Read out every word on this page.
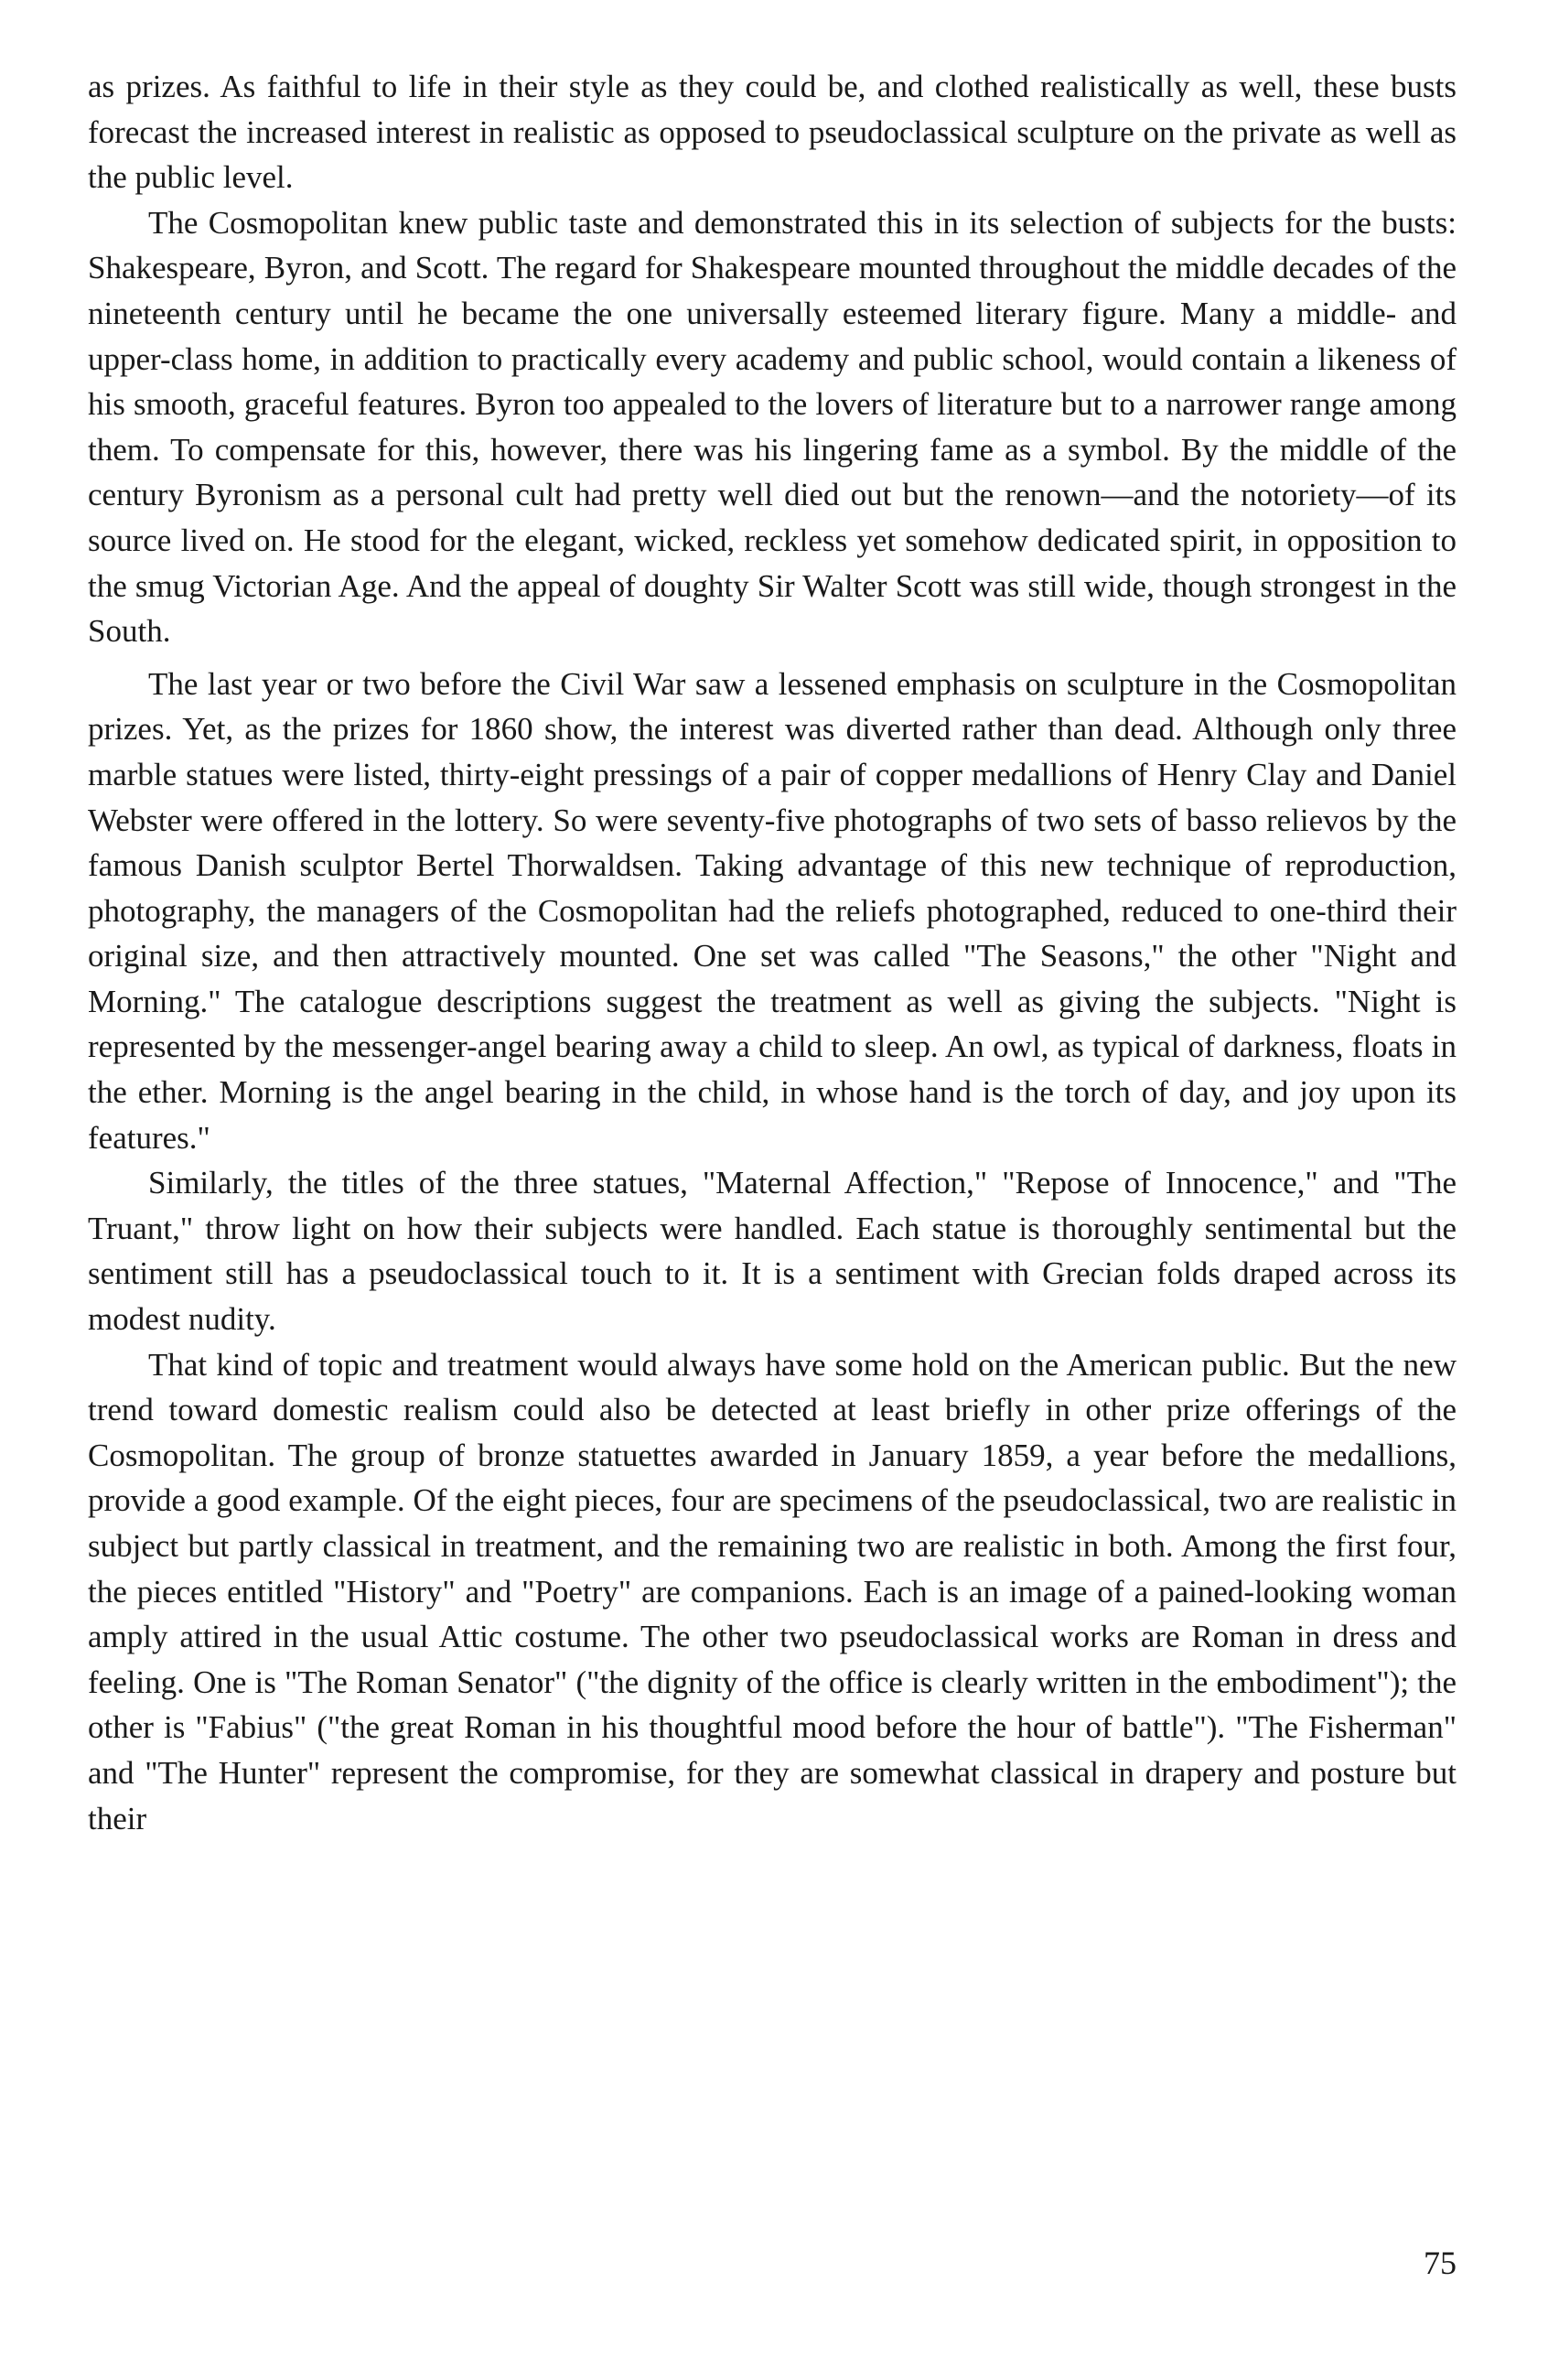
as prizes. As faithful to life in their style as they could be, and clothed realistically as well, these busts forecast the increased interest in realistic as opposed to pseudoclassical sculpture on the private as well as the public level.

The Cosmopolitan knew public taste and demonstrated this in its selection of subjects for the busts: Shakespeare, Byron, and Scott. The regard for Shakespeare mounted throughout the middle decades of the nineteenth century until he became the one universally esteemed literary figure. Many a middle- and upper-class home, in addition to practically every academy and public school, would contain a likeness of his smooth, graceful features. Byron too appealed to the lovers of literature but to a narrower range among them. To compensate for this, however, there was his lingering fame as a symbol. By the middle of the century Byronism as a personal cult had pretty well died out but the renown—and the notoriety—of its source lived on. He stood for the elegant, wicked, reckless yet somehow dedicated spirit, in opposition to the smug Victorian Age. And the appeal of doughty Sir Walter Scott was still wide, though strongest in the South.

The last year or two before the Civil War saw a lessened emphasis on sculpture in the Cosmopolitan prizes. Yet, as the prizes for 1860 show, the interest was diverted rather than dead. Although only three marble statues were listed, thirty-eight pressings of a pair of copper medallions of Henry Clay and Daniel Webster were offered in the lottery. So were seventy-five photographs of two sets of basso relievos by the famous Danish sculptor Bertel Thorwaldsen. Taking advantage of this new technique of reproduction, photography, the managers of the Cosmopolitan had the reliefs photographed, reduced to one-third their original size, and then attractively mounted. One set was called "The Seasons," the other "Night and Morning." The catalogue descriptions suggest the treatment as well as giving the subjects. "Night is represented by the messenger-angel bearing away a child to sleep. An owl, as typical of darkness, floats in the ether. Morning is the angel bearing in the child, in whose hand is the torch of day, and joy upon its features."

Similarly, the titles of the three statues, "Maternal Affection," "Repose of Innocence," and "The Truant," throw light on how their subjects were handled. Each statue is thoroughly sentimental but the sentiment still has a pseudoclassical touch to it. It is a sentiment with Grecian folds draped across its modest nudity.

That kind of topic and treatment would always have some hold on the American public. But the new trend toward domestic realism could also be detected at least briefly in other prize offerings of the Cosmopolitan. The group of bronze statuettes awarded in January 1859, a year before the medallions, provide a good example. Of the eight pieces, four are specimens of the pseudoclassical, two are realistic in subject but partly classical in treatment, and the remaining two are realistic in both. Among the first four, the pieces entitled "History" and "Poetry" are companions. Each is an image of a pained-looking woman amply attired in the usual Attic costume. The other two pseudoclassical works are Roman in dress and feeling. One is "The Roman Senator" ("the dignity of the office is clearly written in the embodiment"); the other is "Fabius" ("the great Roman in his thoughtful mood before the hour of battle"). "The Fisherman" and "The Hunter" represent the compromise, for they are somewhat classical in drapery and posture but their

75
